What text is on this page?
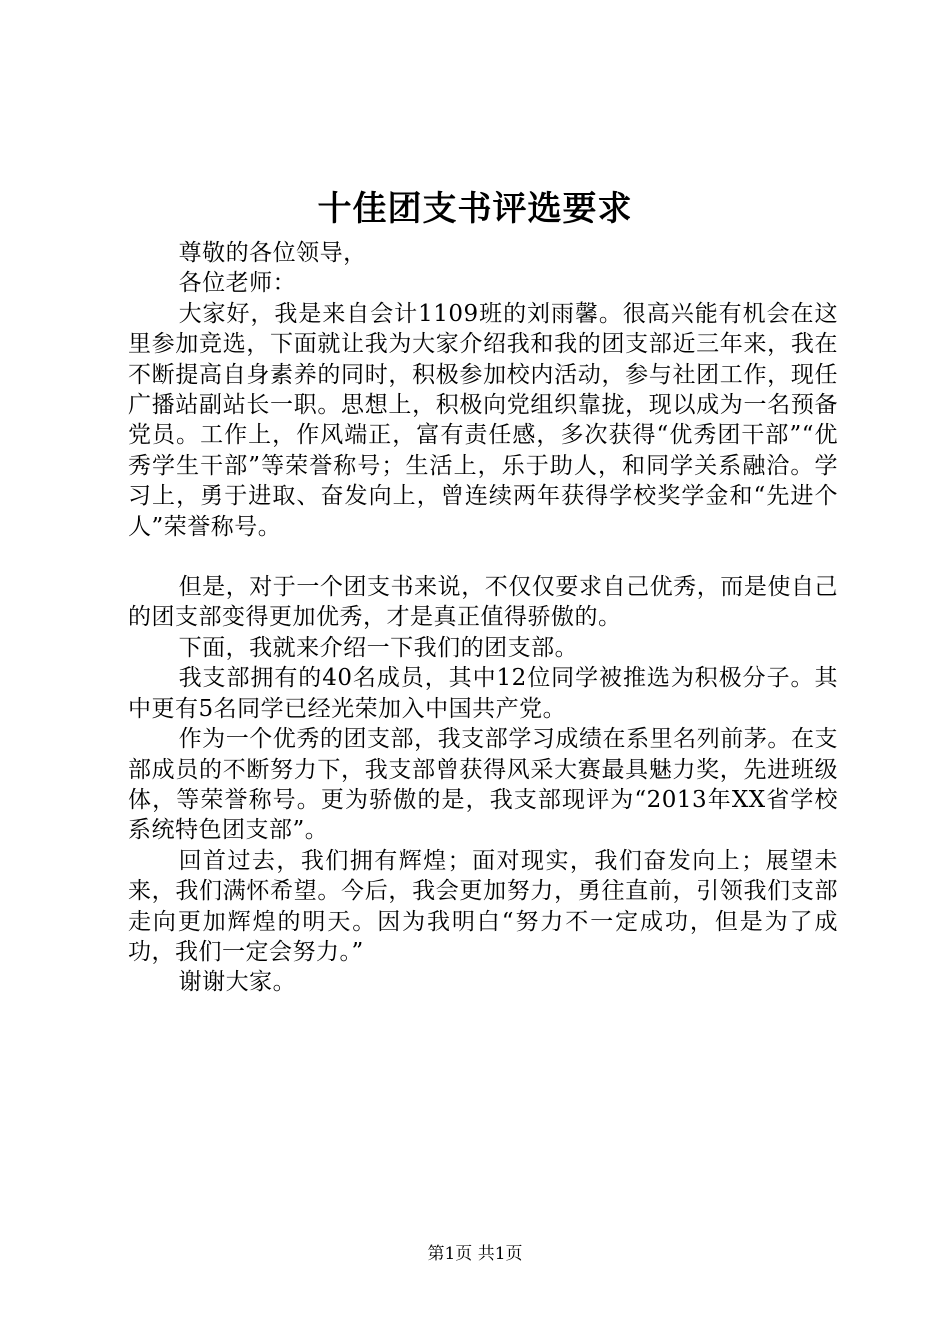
十佳团支书评选要求

尊敬的各位领导，

各位老师：

大家好，我是来自会计1109班的刘雨馨。很高兴能有机会在这里参加竞选，下面就让我为大家介绍我和我的团支部近三年来，我在不断提高自身素养的同时，积极参加校内活动，参与社团工作，现任广播站副站长一职。思想上，积极向党组织靠拢，现以成为一名预备党员。工作上，作风端正，富有责任感，多次获得“优秀团干部”“优秀学生干部”等荣誉称号；生活上，乐于助人，和同学关系融洽。学习上，勇于进取、奋发向上，曾连续两年获得学校奖学金和“先进个人”荣誉称号。

但是，对于一个团支书来说，不仅仅要求自己优秀，而是使自己的团支部变得更加优秀，才是真正值得骄傲的。

下面，我就来介绍一下我们的团支部。

我支部拥有的40名成员，其中12位同学被推选为积极分子。其中更有5名同学已经光荣加入中国共产党。

作为一个优秀的团支部，我支部学习成绩在系里名列前茅。在支部成员的不断努力下，我支部曾获得风采大赛最具魅力奖，先进班级体，等荣誉称号。更为骄傲的是，我支部现评为“2013年XX省学校系统特色团支部”。

回首过去，我们拥有辉煌；面对现实，我们奋发向上；展望未来，我们满怀希望。今后，我会更加努力，勇往直前，引领我们支部走向更加辉煌的明天。因为我明白“努力不一定成功，但是为了成功，我们一定会努力。”

谢谢大家。

第1页 共1页
